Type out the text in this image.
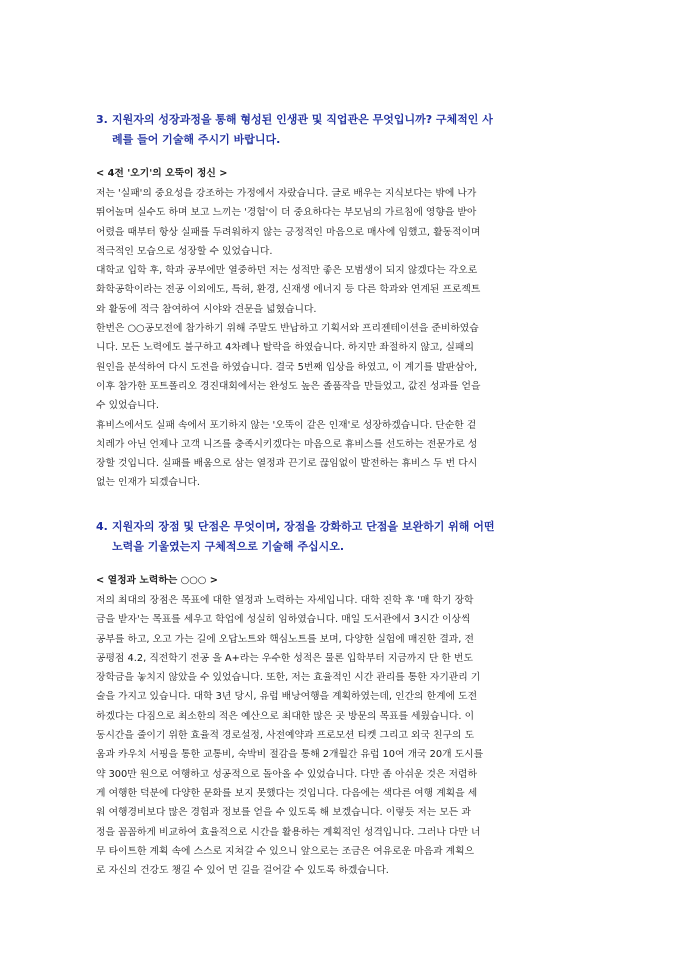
3. 지원자의 성장과정을 통해 형성된 인생관 및 직업관은 무엇입니까? 구체적인 사
례를 들어 기술해 주시기 바랍니다.
< 4전 '오기'의 오뚝이 정신 >
저는 '실패'의 중요성을 강조하는 가정에서 자랐습니다. 글로 배우는 지식보다는 밖에 나가
뛰어놀며 실수도 하며 보고 느끼는 '경험'이 더 중요하다는 부모님의 가르침에 영향을 받아
어렸을 때부터 항상 실패를 두려워하지 않는 긍정적인 마음으로 매사에 임했고, 활동적이며
적극적인 모습으로 성장할 수 있었습니다.
대학교 입학 후, 학과 공부에만 열중하던 저는 성적만 좋은 모범생이 되지 않겠다는 각오로
화학공학이라는 전공 이외에도, 특허, 환경, 신재생 에너지 등 다른 학과와 연계된 프로젝트
와 활동에 적극 참여하여 시야와 견문을 넓혔습니다.
한번은 ○○공모전에 참가하기 위해 주말도 반납하고 기획서와 프리젠테이션을 준비하였습
니다. 모든 노력에도 불구하고 4차례나 탈락을 하였습니다. 하지만 좌절하지 않고, 실패의
원인을 분석하여 다시 도전을 하였습니다. 결국 5번째 입상을 하였고, 이 계기를 발판삼아,
이후 참가한 포트폴리오 경진대회에서는 완성도 높은 졸품작을 만들었고, 값진 성과를 얻을
수 있었습니다.
휴비스에서도 실패 속에서 포기하지 않는 '오뚝이 같은 인재'로 성장하겠습니다. 단순한 겉
치레가 아닌 언제나 고객 니즈를 충족시키겠다는 마음으로 휴비스를 선도하는 전문가로 성
장할 것입니다. 실패를 배움으로 삼는 열정과 끈기로 끊임없이 발전하는 휴비스 두 번 다시
없는 인재가 되겠습니다.
4. 지원자의 장점 및 단점은 무엇이며, 장점을 강화하고 단점을 보완하기 위해 어떤
노력을 기울였는지 구체적으로 기술해 주십시오.
< 열정과 노력하는 ○○○ >
저의 최대의 장점은 목표에 대한 열정과 노력하는 자세입니다. 대학 진학 후 '매 학기 장학
금을 받자'는 목표를 세우고 학업에 성실히 임하였습니다. 매일 도서관에서 3시간 이상씩
공부를 하고, 오고 가는 길에 오답노트와 핵심노트를 보며, 다양한 실험에 매진한 결과, 전
공평점 4.2, 직전학기 전공 올 A+라는 우수한 성적은 물론 입학부터 지금까지 단 한 번도
장학금을 놓치지 않았을 수 있었습니다. 또한, 저는 효율적인 시간 관리를 통한 자기관리 기
술을 가지고 있습니다. 대학 3년 당시, 유럽 배낭여행을 계획하였는데, 인간의 한계에 도전
하겠다는 다짐으로 최소한의 적은 예산으로 최대한 많은 곳 방문의 목표를 세웠습니다. 이
동시간을 줄이기 위한 효율적 경로설정, 사전예약과 프로모션 티켓 그리고 외국 친구의 도
움과 카우치 서핑을 통한 교통비, 숙박비 절감을 통해 2개월간 유럽 10여 개국 20개 도시를
약 300만 원으로 여행하고 성공적으로 돌아올 수 있었습니다. 다만 좀 아쉬운 것은 저렴하
게 여행한 덕분에 다양한 문화를 보지 못했다는 것입니다. 다음에는 색다른 여행 계획을 세
워 여행경비보다 많은 경험과 정보를 얻을 수 있도록 해 보겠습니다. 이렇듯 저는 모든 과
정을 꼼꼼하게 비교하여 효율적으로 시간을 활용하는 계획적인 성격입니다. 그러나 다만 너
무 타이트한 계획 속에 스스로 지쳐갈 수 있으니 앞으로는 조금은 여유로운 마음과 계획으
로 자신의 건강도 챙길 수 있어 먼 길을 걸어갈 수 있도록 하겠습니다.
